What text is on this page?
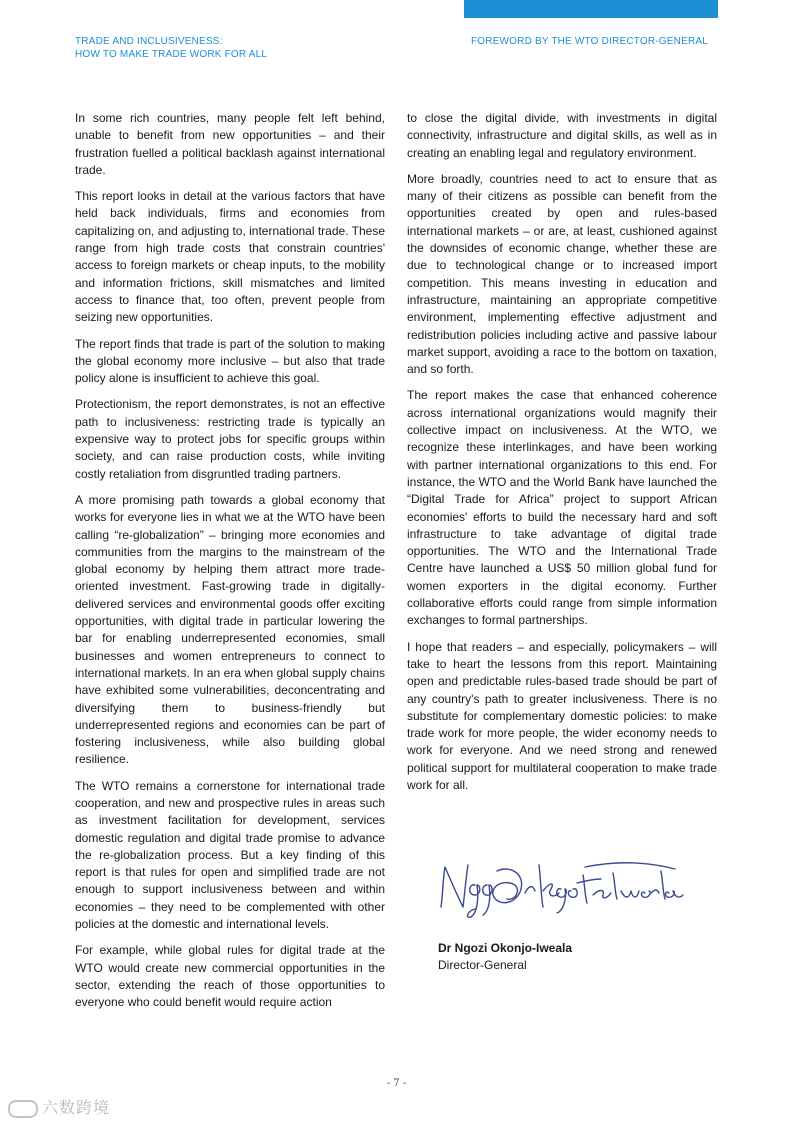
TRADE AND INCLUSIVENESS:
HOW TO MAKE TRADE WORK FOR ALL
FOREWORD BY THE WTO DIRECTOR-GENERAL

In some rich countries, many people felt left behind, unable to benefit from new opportunities – and their frustration fuelled a political backlash against international trade.

This report looks in detail at the various factors that have held back individuals, firms and economies from capitalizing on, and adjusting to, international trade. These range from high trade costs that constrain countries' access to foreign markets or cheap inputs, to the mobility and information frictions, skill mismatches and limited access to finance that, too often, prevent people from seizing new opportunities.

The report finds that trade is part of the solution to making the global economy more inclusive – but also that trade policy alone is insufficient to achieve this goal.

Protectionism, the report demonstrates, is not an effective path to inclusiveness: restricting trade is typically an expensive way to protect jobs for specific groups within society, and can raise production costs, while inviting costly retaliation from disgruntled trading partners.

A more promising path towards a global economy that works for everyone lies in what we at the WTO have been calling “re-globalization” – bringing more economies and communities from the margins to the mainstream of the global economy by helping them attract more trade-oriented investment. Fast-growing trade in digitally-delivered services and environmental goods offer exciting opportunities, with digital trade in particular lowering the bar for enabling underrepresented economies, small businesses and women entrepreneurs to connect to international markets. In an era when global supply chains have exhibited some vulnerabilities, deconcentrating and diversifying them to business-friendly but underrepresented regions and economies can be part of fostering inclusiveness, while also building global resilience.

The WTO remains a cornerstone for international trade cooperation, and new and prospective rules in areas such as investment facilitation for development, services domestic regulation and digital trade promise to advance the re-globalization process. But a key finding of this report is that rules for open and simplified trade are not enough to support inclusiveness between and within economies – they need to be complemented with other policies at the domestic and international levels.

For example, while global rules for digital trade at the WTO would create new commercial opportunities in the sector, extending the reach of those opportunities to everyone who could benefit would require action

to close the digital divide, with investments in digital connectivity, infrastructure and digital skills, as well as in creating an enabling legal and regulatory environment.

More broadly, countries need to act to ensure that as many of their citizens as possible can benefit from the opportunities created by open and rules-based international markets – or are, at least, cushioned against the downsides of economic change, whether these are due to technological change or to increased import competition. This means investing in education and infrastructure, maintaining an appropriate competitive environment, implementing effective adjustment and redistribution policies including active and passive labour market support, avoiding a race to the bottom on taxation, and so forth.

The report makes the case that enhanced coherence across international organizations would magnify their collective impact on inclusiveness. At the WTO, we recognize these interlinkages, and have been working with partner international organizations to this end. For instance, the WTO and the World Bank have launched the “Digital Trade for Africa” project to support African economies' efforts to build the necessary hard and soft infrastructure to take advantage of digital trade opportunities. The WTO and the International Trade Centre have launched a US$ 50 million global fund for women exporters in the digital economy. Further collaborative efforts could range from simple information exchanges to formal partnerships.

I hope that readers – and especially, policymakers – will take to heart the lessons from this report. Maintaining open and predictable rules-based trade should be part of any country's path to greater inclusiveness. There is no substitute for complementary domestic policies: to make trade work for more people, the wider economy needs to work for everyone. And we need strong and renewed political support for multilateral cooperation to make trade work for all.

Dr Ngozi Okonjo-Iweala
Director-General
- 7 -
六数跨境
